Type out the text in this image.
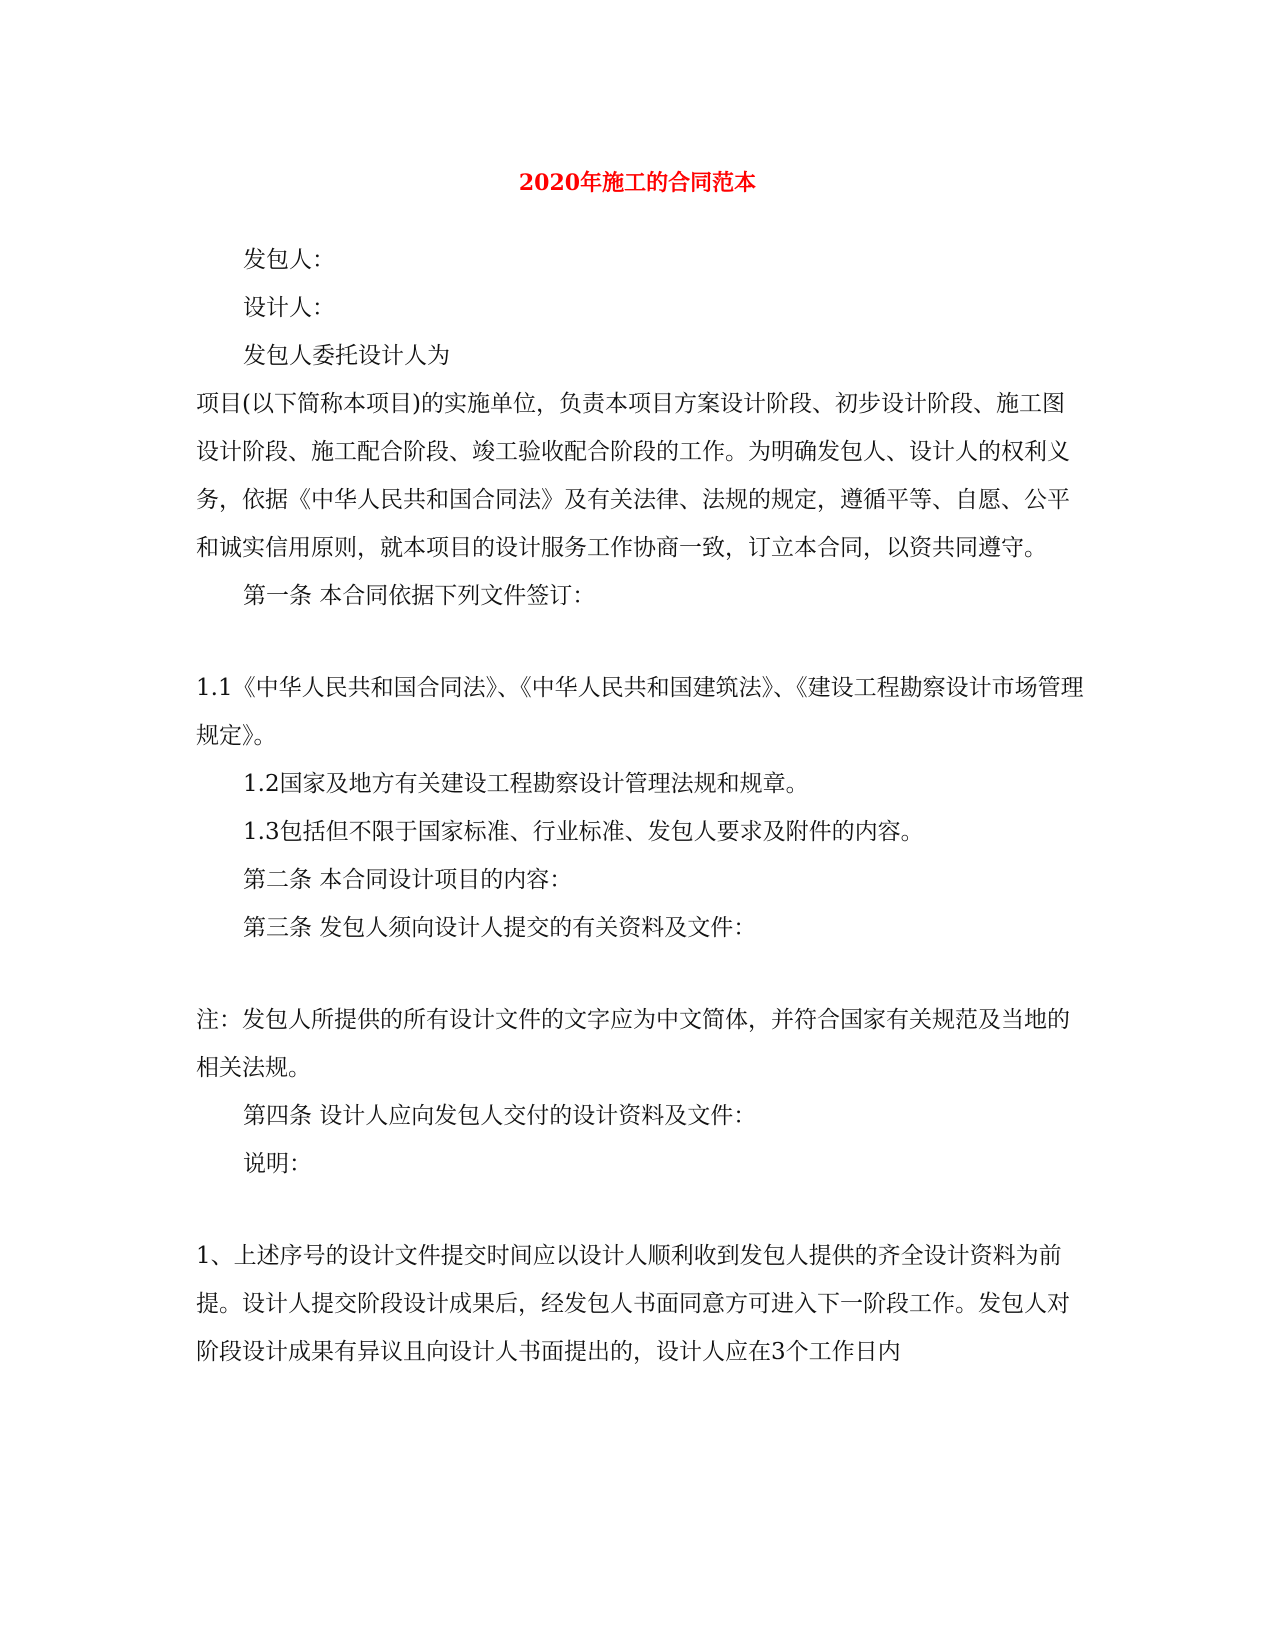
2020年施工的合同范本

发包人：

设计人：

发包人委托设计人为

项目(以下简称本项目)的实施单位，负责本项目方案设计阶段、初步设计阶段、施工图设计阶段、施工配合阶段、竣工验收配合阶段的工作。为明确发包人、设计人的权利义务，依据《中华人民共和国合同法》及有关法律、法规的规定，遵循平等、自愿、公平和诚实信用原则，就本项目的设计服务工作协商一致，订立本合同，以资共同遵守。

第一条 本合同依据下列文件签订：

1.1《中华人民共和国合同法》、《中华人民共和国建筑法》、《建设工程勘察设计市场管理规定》。

1.2国家及地方有关建设工程勘察设计管理法规和规章。

1.3包括但不限于国家标准、行业标准、发包人要求及附件的内容。

第二条 本合同设计项目的内容：

第三条 发包人须向设计人提交的有关资料及文件：

注：发包人所提供的所有设计文件的文字应为中文简体，并符合国家有关规范及当地的相关法规。

第四条 设计人应向发包人交付的设计资料及文件：

说明：

1、上述序号的设计文件提交时间应以设计人顺利收到发包人提供的齐全设计资料为前提。设计人提交阶段设计成果后，经发包人书面同意方可进入下一阶段工作。发包人对阶段设计成果有异议且向设计人书面提出的，设计人应在3个工作日内
